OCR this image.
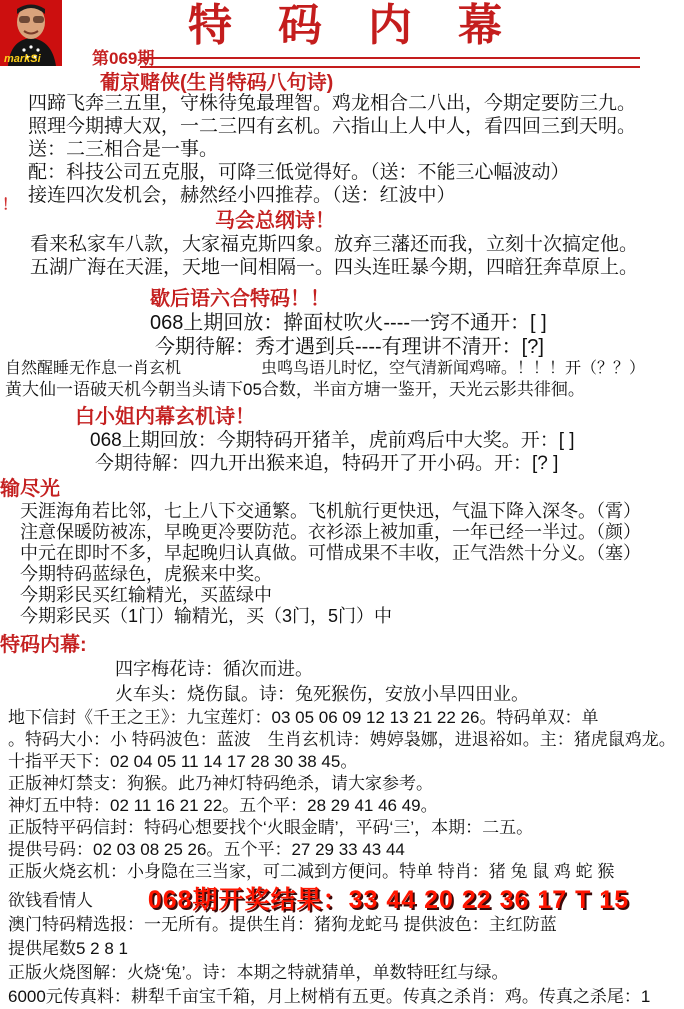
markSi
特码内幕
第069期
葡京赌侠(生肖特码八句诗)
！
四蹄飞奔三五里，守株待兔最理智。鸡龙相合二八出，今期定要防三九。
照理今期搏大双，一二三四有玄机。六指山上人中人，看四回三到天明。
送：二三相合是一事。
配：科技公司五克服，可降三低觉得好。（送：不能三心幅波动）
接连四次发机会，赫然经小四推荐。（送：红波中）
马会总纲诗！
看来私家车八款，大家福克斯四象。放弃三藩还而我，立刻十次搞定他。
五湖广海在天涯，天地一间相隔一。四头连旺暴今期，四暗狂奔草原上。
歇后语六合特码！！
068上期回放：擀面杖吹火----一窍不通开：[ ]
今期待解：秀才遇到兵----有理讲不清开：[?]
自然醒睡无作息一肖玄机　　　　　虫鸣鸟语儿时忆，空气清新闻鸡啼。！！！开（？？）
黄大仙一语破天机今朝当头请下05合数，半亩方塘一鉴开，天光云影共徘徊。
白小姐内幕玄机诗！
068上期回放：今期特码开猪羊，虎前鸡后中大奖。开：[ ]
今期待解：四九开出猴来追，特码开了开小码。开：[? ]
输尽光
天涯海角若比邻，七上八下交通繁。飞机航行更快迅，气温下降入深冬。（霄）
注意保暖防被冻，早晚更冷要防范。衣衫添上被加重，一年已经一半过。（颜）
中元在即时不多，早起晚归认真做。可惜成果不丰收，正气浩然十分义。（塞）
今期特码蓝绿色，虎猴来中奖。
今期彩民买红输精光，买蓝绿中
今期彩民买（1门）输精光，买（3门，5门）中
特码内幕:
四字梅花诗：循次而进。
火车头：烧伤鼠。诗：兔死猴伤，安放小旱四田业。
地下信封《千王之王》：九宝莲灯：03 05 06 09 12 13 21 22 26。特码单双：单
。特码大小：小 特码波色：蓝波　生肖玄机诗：娉婷袅娜，进退裕如。主：猪虎鼠鸡龙。
十指平天下：02 04 05 11 14 17 28 30 38 45。
正版神灯禁支：狗猴。此乃神灯特码绝杀，请大家参考。
神灯五中特：02 11 16 21 22。五个平：28 29 41 46 49。
正版特平码信封：特码心想要找个‘火眼金睛’，平码‘三’，本期：二五。
提供号码：02 03 08 25 26。五个平：27 29 33 43 44
正版火烧玄机：小身隐在三当家，可二减到方便问。特单 特肖：猪 兔 鼠 鸡 蛇 猴
欲钱看情人	068期开奖结果：33 44 20 22 36 17 T 15
澳门特码精选报：一无所有。提供生肖：猪狗龙蛇马 提供波色：主红防蓝
提供尾数5 2 8 1
正版火烧图解：火烧‘兔’。诗：本期之特就猜单，单数特旺红与绿。
6000元传真料：耕犁千亩宝千箱，月上树梢有五更。传真之杀肖：鸡。传真之杀尾：1
